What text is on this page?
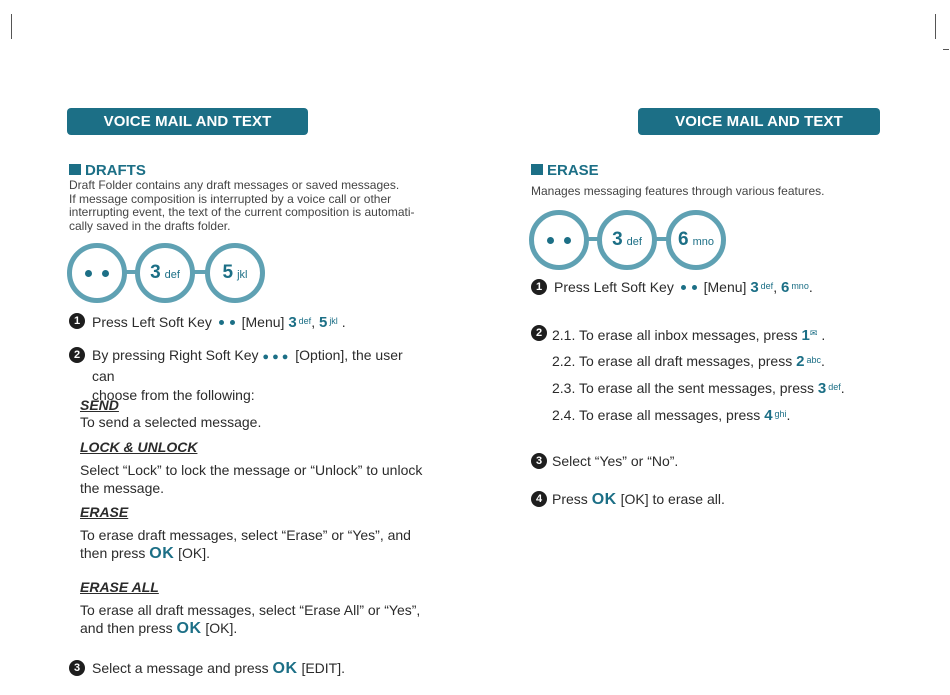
VOICE MAIL AND TEXT MESSAGE
DRAFTS
Draft Folder contains any draft messages or saved messages.
If message composition is interrupted by a voice call or other
interrupting event, the text of the current composition is automati-
cally saved in the drafts folder.
3 def	5 jkl
1 Press Left Soft Key [Menu] 3 $^{def}$, 5 $^{jkl}$ .
2 By pressing Right Soft Key ●●● [Option], the user can
choose from the following:
SEND
To send a selected message.
LOCK & UNLOCK
Select “Lock” to lock the message or “Unlock” to unlock
the message.
ERASE
To erase draft messages, select “Erase” or “Yes”, and
then press OK [OK].
ERASE ALL
To erase all draft messages, select “Erase All” or “Yes”,
and then press OK [OK].
3 Select a message and press OK [EDIT].
VOICE MAIL AND TEXT MESSAGE
ERASE
Manages messaging features through various features.
3 def	6 mno
1 Press Left Soft Key [Menu] 3 $^{def}$, 6 $^{mno}$.
2 2.1. To erase all inbox messages, press 1✉ .
2.2. To erase all draft messages, press 2 $^{abc}$.
2.3. To erase all the sent messages, press 3 $^{def}$.
2.4. To erase all messages, press 4 $^{ghi}$.
3 Select “Yes” or “No”.
4 Press OK [OK] to erase all.
